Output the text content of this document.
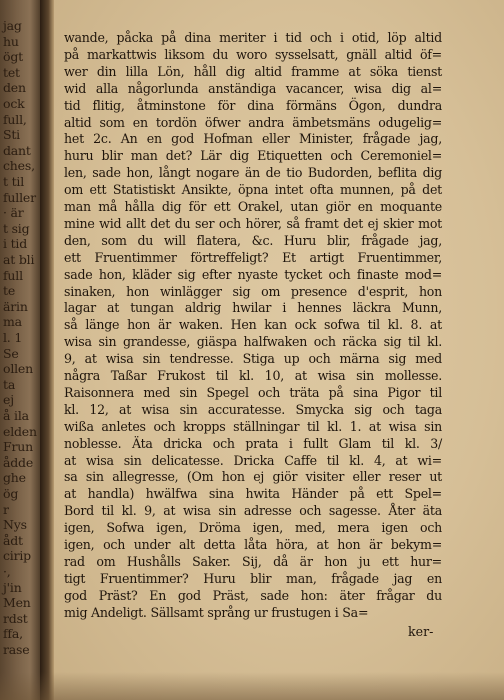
jag
hu
ögt
tet
den
ock
full,
Sti
dant
ches,
t til
fuller
· är
t sig
i tid
at bli
full
te
ärin
ma
l. 1
Se
ollen
ta
ej
å ila
elden
Frun
ådde
ghe
ög
r
Nys
ådt
cirip
·,
j'in
Men
rdst
ffa,
rase
wande, påcka på dina meriter i tid och i otid, löp altid
på markattwis liksom du woro sysselsatt, gnäll altid öf=
wer din lilla Lön, håll dig altid framme at söka tienst
wid alla någorlunda anständiga vacancer, wisa dig al=
tid flitig, åtminstone för dina förmäns Ögon, dundra
altid som en tordön öfwer andra ämbetsmäns odugelig=
het 2c. An en god Hofman eller Minister, frågade jag,
huru blir man det? Lär dig Etiquetten och Ceremoniel=
len, sade hon, långt nogare än de tio Budorden, beflita dig
om ett Statistiskt Ansikte, öpna intet ofta munnen, på det
man må hålla dig för ett Orakel, utan giör en moquante
mine wid allt det du ser och hörer, så framt det ej skier mot
den, som du will flatera, &c. Huru blir, frågade jag,
ett Fruentimmer förtreffeligt? Et artigt Fruentimmer,
sade hon, kläder sig efter nyaste tycket och finaste mod=
sinaken, hon winlägger sig om presence d'esprit, hon
lagar at tungan aldrig hwilar i hennes läckra Munn,
så länge hon är waken. Hen kan ock sofwa til kl. 8. at
wisa sin grandesse, giäspa halfwaken och räcka sig til kl.
9, at wisa sin tendresse. Stiga up och märna sig med
några Taßar Frukost til kl. 10, at wisa sin mollesse.
Raisonnera med sin Spegel och träta på sina Pigor til
kl. 12, at wisa sin accuratesse. Smycka sig och taga
wißa anletes och kropps ställningar til kl. 1. at wisa sin
noblesse. Äta dricka och prata i fullt Glam til kl. 3/
at wisa sin delicatesse. Dricka Caffe til kl. 4, at wi=
sa sin allegresse, (Om hon ej giör visiter eller reser ut
at handla) hwälfwa sina hwita Händer på ett Spel=
Bord til kl. 9, at wisa sin adresse och sagesse. Åter äta
igen, Sofwa igen, Dröma igen, med, mera igen och
igen, och under alt detta låta höra, at hon är bekym=
rad om Hushålls Saker. Sij, då är hon ju ett hur=
tigt Fruentimmer? Huru blir man, frågade jag en
god Präst? En god Präst, sade hon: äter frågar du
mig Andeligt. Sällsamt språng ur frustugen i Sa=
ker-
